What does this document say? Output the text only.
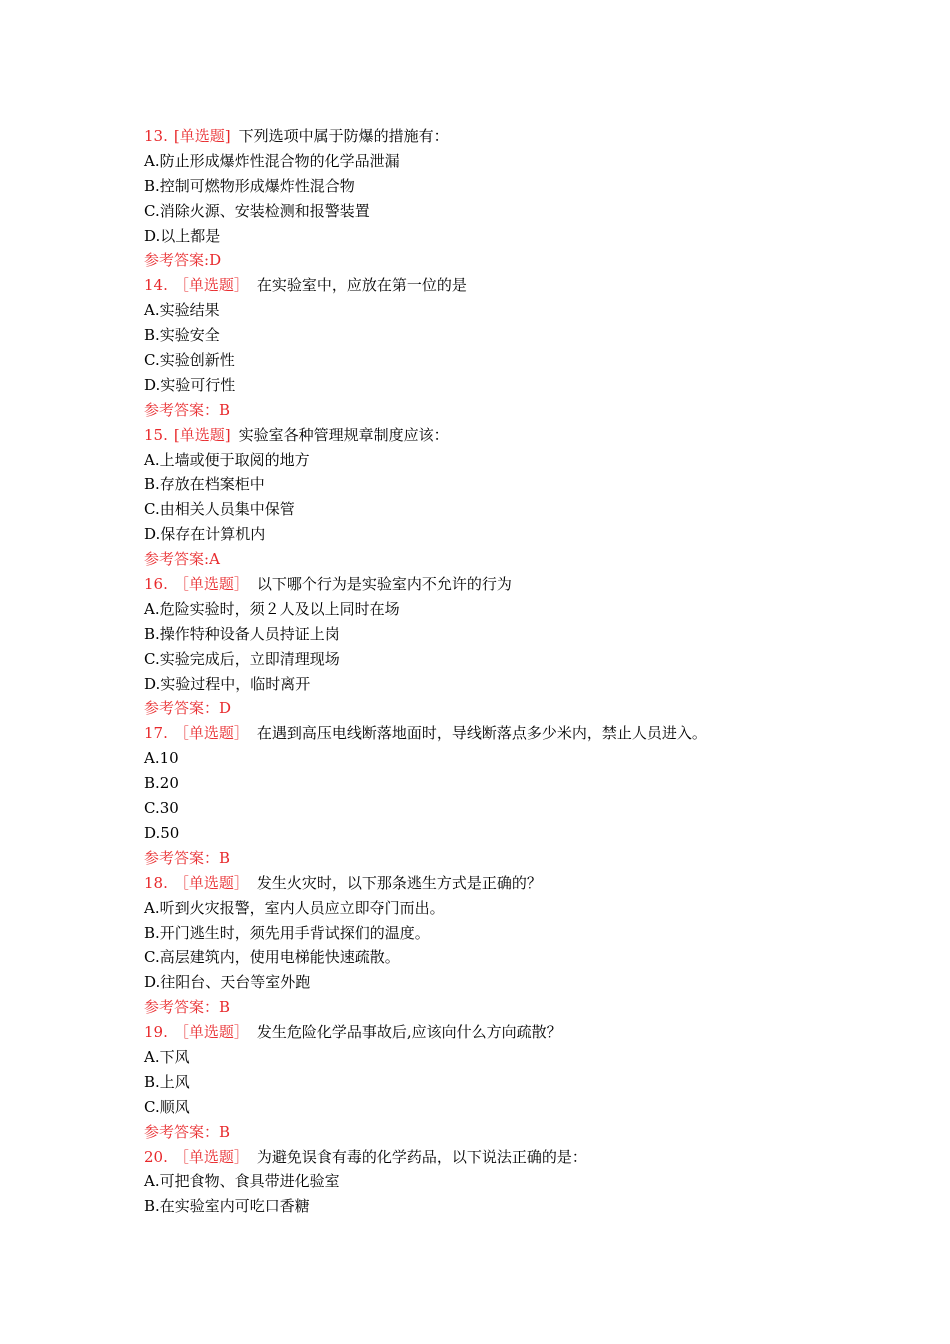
13. [单选题] 下列选项中属于防爆的措施有：
A.防止形成爆炸性混合物的化学品泄漏
B.控制可燃物形成爆炸性混合物
C.消除火源、安装检测和报警装置
D.以上都是
参考答案:D
14. ［单选题］ 在实验室中，应放在第一位的是
A.实验结果
B.实验安全
C.实验创新性
D.实验可行性
参考答案：B
15. [单选题] 实验室各种管理规章制度应该：
A.上墙或便于取阅的地方
B.存放在档案柜中
C.由相关人员集中保管
D.保存在计算机内
参考答案:A
16. ［单选题］ 以下哪个行为是实验室内不允许的行为
A.危险实验时，须２人及以上同时在场
B.操作特种设备人员持证上岗
C.实验完成后，立即清理现场
D.实验过程中，临时离开
参考答案：D
17. ［单选题］ 在遇到高压电线断落地面时，导线断落点多少米内，禁止人员进入。
A.10
B.20
C.30
D.50
参考答案：B
18. ［单选题］ 发生火灾时，以下那条逃生方式是正确的？
A.听到火灾报警，室内人员应立即夺门而出。
B.开门逃生时，须先用手背试探们的温度。
C.高层建筑内，使用电梯能快速疏散。
D.往阳台、天台等室外跑
参考答案：B
19. ［单选题］ 发生危险化学品事故后,应该向什么方向疏散？
A.下风
B.上风
C.顺风
参考答案：B
20. ［单选题］ 为避免误食有毒的化学药品，以下说法正确的是：
A.可把食物、食具带进化验室
B.在实验室内可吃口香糖
